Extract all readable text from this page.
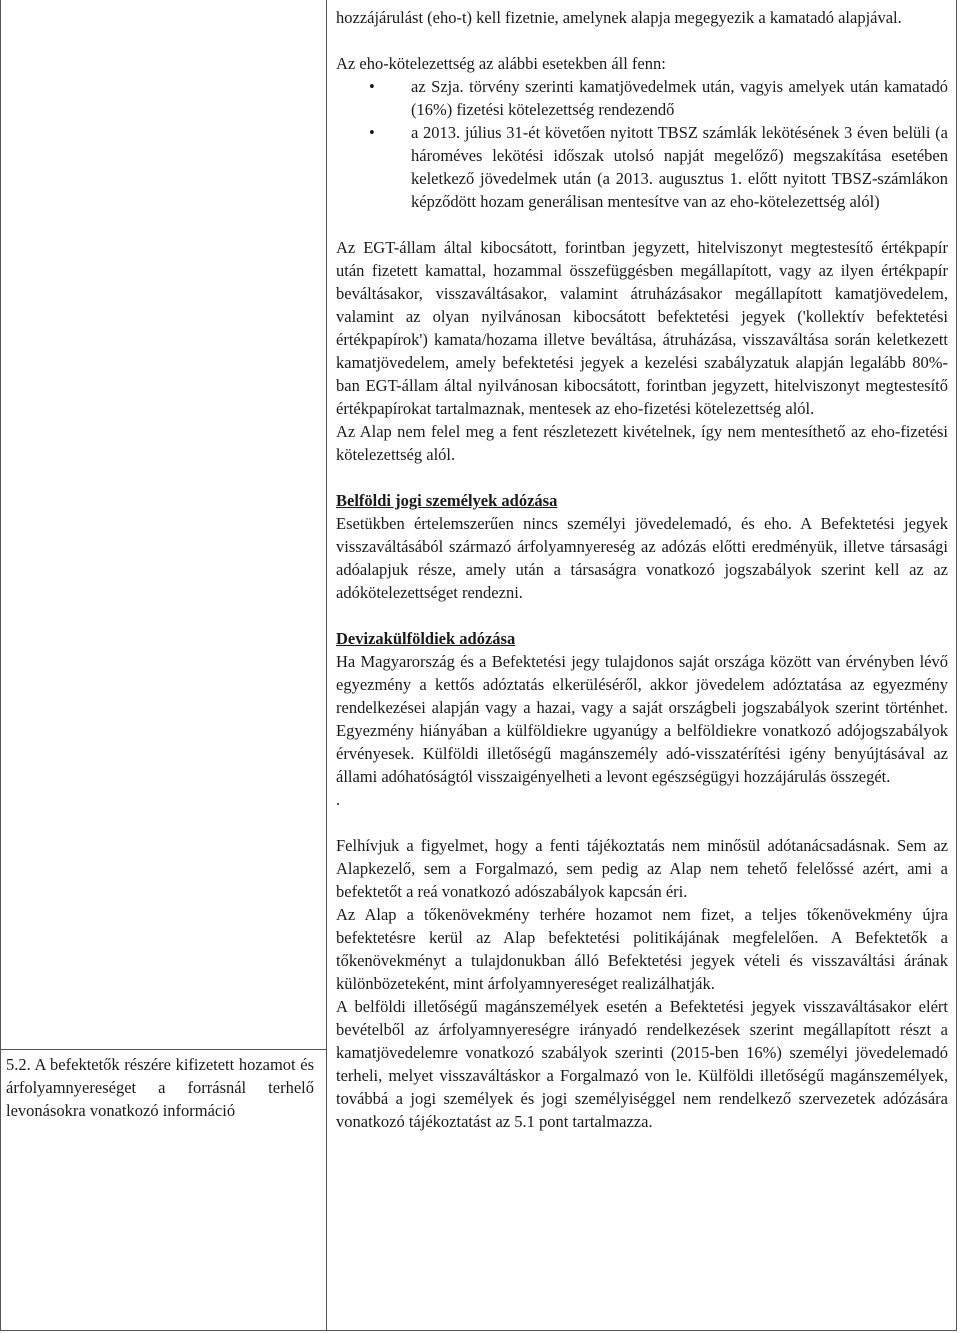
5.2. A befektetők részére kifizetett hozamot és árfolyamnyereséget a forrásnál terhelő levonásokra vonatkozó információ

hozzájárulást (eho-t) kell fizetnie, amelynek alapja megegyezik a kamatadó alapjával.

Az eho-kötelezettség az alábbi esetekben áll fenn:

• az Szja. törvény szerinti kamatjövedelmek után, vagyis amelyek után kamatadó (16%) fizetési kötelezettség rendezendő
• a 2013. július 31-ét követően nyitott TBSZ számlák lekötésének 3 éven belüli (a hároméves lekötési időszak utolsó napját megelőző) megszakítása esetében keletkező jövedelmek után (a 2013. augusztus 1. előtt nyitott TBSZ-számlákon képződött hozam generálisan mentesítve van az eho-kötelezettség alól)

Az EGT-állam által kibocsátott, forintban jegyzett, hitelviszonyt megtestesítő értékpapír után fizetett kamattal, hozammal összefüggésben megállapított, vagy az ilyen értékpapír beváltásakor, visszaváltásakor, valamint átruházásakor megállapított kamatjövedelem, valamint az olyan nyilvánosan kibocsátott befektetési jegyek ('kollektív befektetési értékpapírok') kamata/hozama illetve beváltása, átruházása, visszaváltása során keletkezett kamatjövedelem, amely befektetési jegyek a kezelési szabályzatuk alapján legalább 80%-ban EGT-állam által nyilvánosan kibocsátott, forintban jegyzett, hitelviszonyt megtestesítő értékpapírokat tartalmaznak, mentesek az eho-fizetési kötelezettség alól.

Az Alap nem felel meg a fent részletezett kivételnek, így nem mentesíthető az eho-fizetési kötelezettség alól.

Belföldi jogi személyek adózása

Esetükben értelemszerűen nincs személyi jövedelemadó, és eho. A Befektetési jegyek visszaváltásából származó árfolyamnyereség az adózás előtti eredményük, illetve társasági adóalapjuk része, amely után a társaságra vonatkozó jogszabályok szerint kell az az adókötelezettséget rendezni.

Devizakülföldiek adózása

Ha Magyarország és a Befektetési jegy tulajdonos saját országa között van érvényben lévő egyezmény a kettős adóztatás elkerüléséről, akkor jövedelem adóztatása az egyezmény rendelkezései alapján vagy a hazai, vagy a saját országbeli jogszabályok szerint történhet. Egyezmény hiányában a külföldiekre ugyanúgy a belföldiekre vonatkozó adójogszabályok érvényesek. Külföldi illetőségű magánszemély adó-visszatérítési igény benyújtásával az állami adóhatóságtól visszaigényelheti a levont egészségügyi hozzájárulás összegét.

.

Felhívjuk a figyelmet, hogy a fenti tájékoztatás nem minősül adótanácsadásnak. Sem az Alapkezelő, sem a Forgalmazó, sem pedig az Alap nem tehető felelőssé azért, ami a befektetőt a reá vonatkozó adószabályok kapcsán éri.

Az Alap a tőkenövekmény terhére hozamot nem fizet, a teljes tőkenövekmény újra befektetésre kerül az Alap befektetési politikájának megfelelően. A Befektetők a tőkenövekményt a tulajdonukban álló Befektetési jegyek vételi és visszaváltási árának különbözeteként, mint árfolyamnyereséget realizálhatják.

A belföldi illetőségű magánszemélyek esetén a Befektetési jegyek visszaváltásakor elért bevételből az árfolyamnyereségre irányadó rendelkezések szerint megállapított részt a kamatjövedelemre vonatkozó szabályok szerinti (2015-ben 16%) személyi jövedelemadó terheli, melyet visszaváltáskor a Forgalmazó von le. Külföldi illetőségű magánszemélyek, továbbá a jogi személyek és jogi személyiséggel nem rendelkező szervezetek adózására vonatkozó tájékoztatást az 5.1 pont tartalmazza.
